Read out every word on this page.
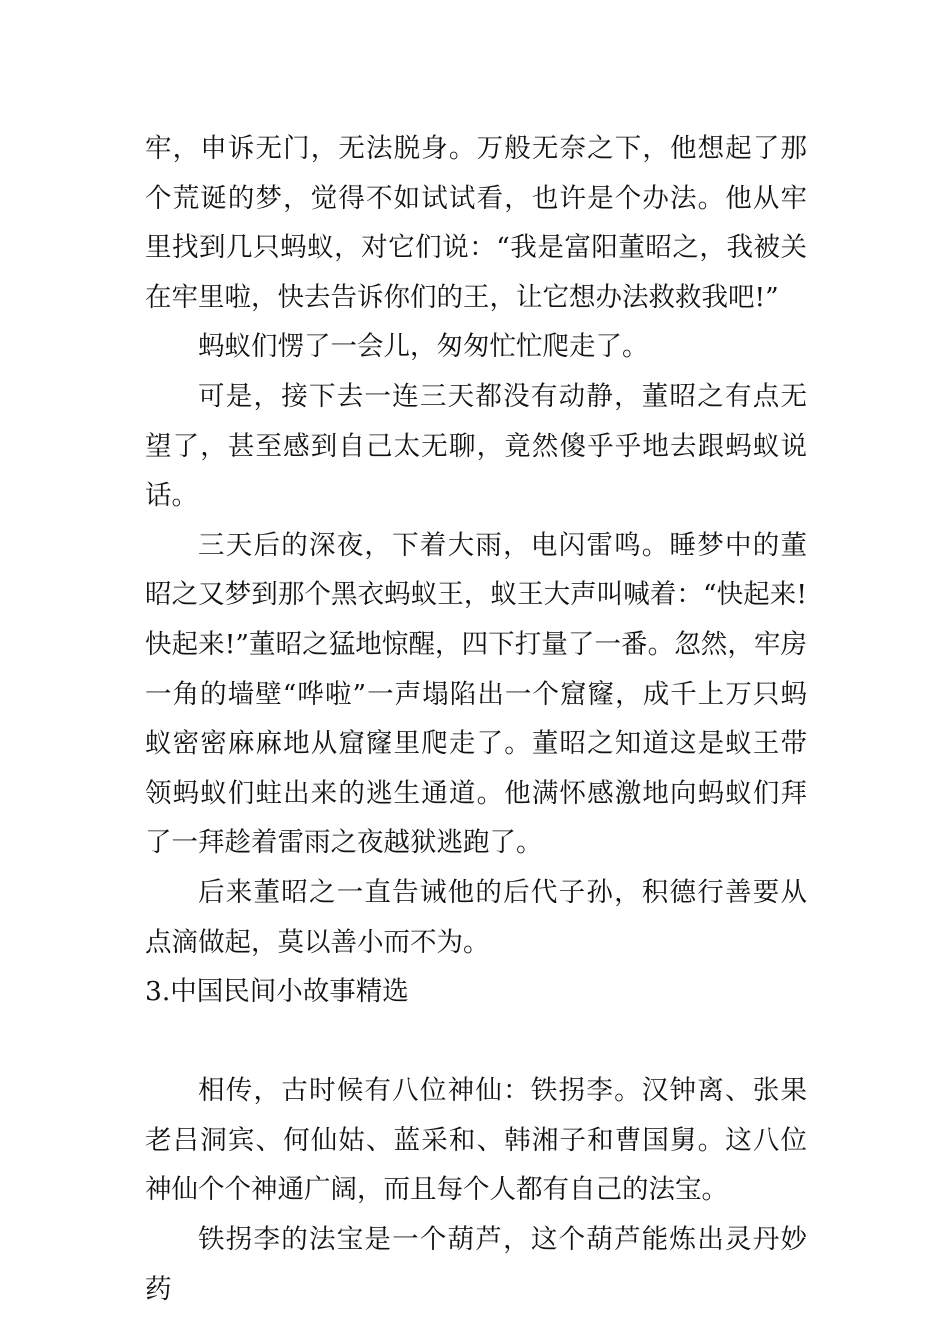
牢，申诉无门，无法脱身。万般无奈之下，他想起了那个荒诞的梦，觉得不如试试看，也许是个办法。他从牢里找到几只蚂蚁，对它们说：“我是富阳董昭之，我被关在牢里啦，快去告诉你们的王，让它想办法救救我吧!”

蚂蚁们愣了一会儿，匆匆忙忙爬走了。

可是，接下去一连三天都没有动静，董昭之有点无望了，甚至感到自己太无聊，竟然傻乎乎地去跟蚂蚁说话。

三天后的深夜，下着大雨，电闪雷鸣。睡梦中的董昭之又梦到那个黑衣蚂蚁王，蚁王大声叫喊着：“快起来!快起来!”董昭之猛地惊醒，四下打量了一番。忽然，牢房一角的墙壁“哗啦”一声塌陷出一个窟窿，成千上万只蚂蚁密密麻麻地从窟窿里爬走了。董昭之知道这是蚁王带领蚂蚁们蛀出来的逃生通道。他满怀感激地向蚂蚁们拜了一拜趁着雷雨之夜越狱逃跑了。

后来董昭之一直告诫他的后代子孙，积德行善要从点滴做起，莫以善小而不为。

3.中国民间小故事精选

相传，古时候有八位神仙：铁拐李。汉钟离、张果老吕洞宾、何仙姑、蓝采和、韩湘子和曹国舅。这八位神仙个个神通广阔，而且每个人都有自己的法宝。

铁拐李的法宝是一个葫芦，这个葫芦能炼出灵丹妙药
